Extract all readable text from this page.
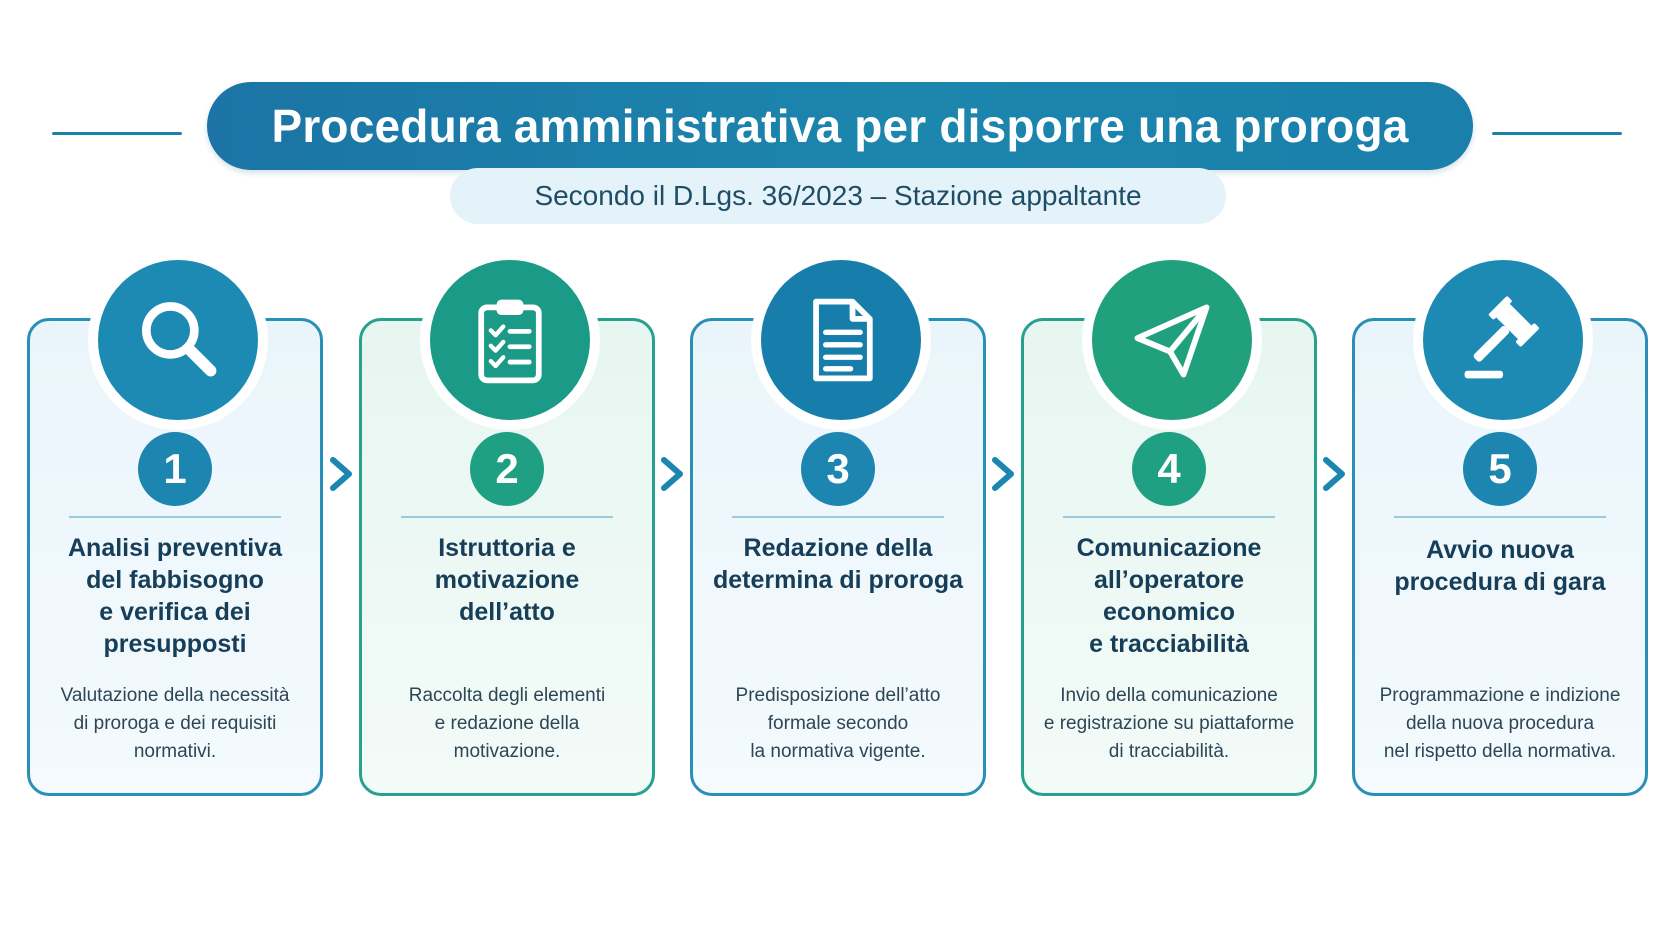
Procedura amministrativa per disporre una proroga
Secondo il D.Lgs. 36/2023 – Stazione appaltante
1
Analisi preventiva
del fabbisogno
e verifica dei
presupposti
Valutazione della necessità
di proroga e dei requisiti
normativi.
2
Istruttoria e
motivazione
dell’atto
Raccolta degli elementi
e redazione della
motivazione.
3
Redazione della
determina di proroga
Predisposizione dell’atto
formale secondo
la normativa vigente.
4
Comunicazione
all’operatore economico
e tracciabilità
Invio della comunicazione
e registrazione su piattaforme
di tracciabilità.
5
Avvio nuova
procedura di gara
Programmazione e indizione
della nuova procedura
nel rispetto della normativa.
